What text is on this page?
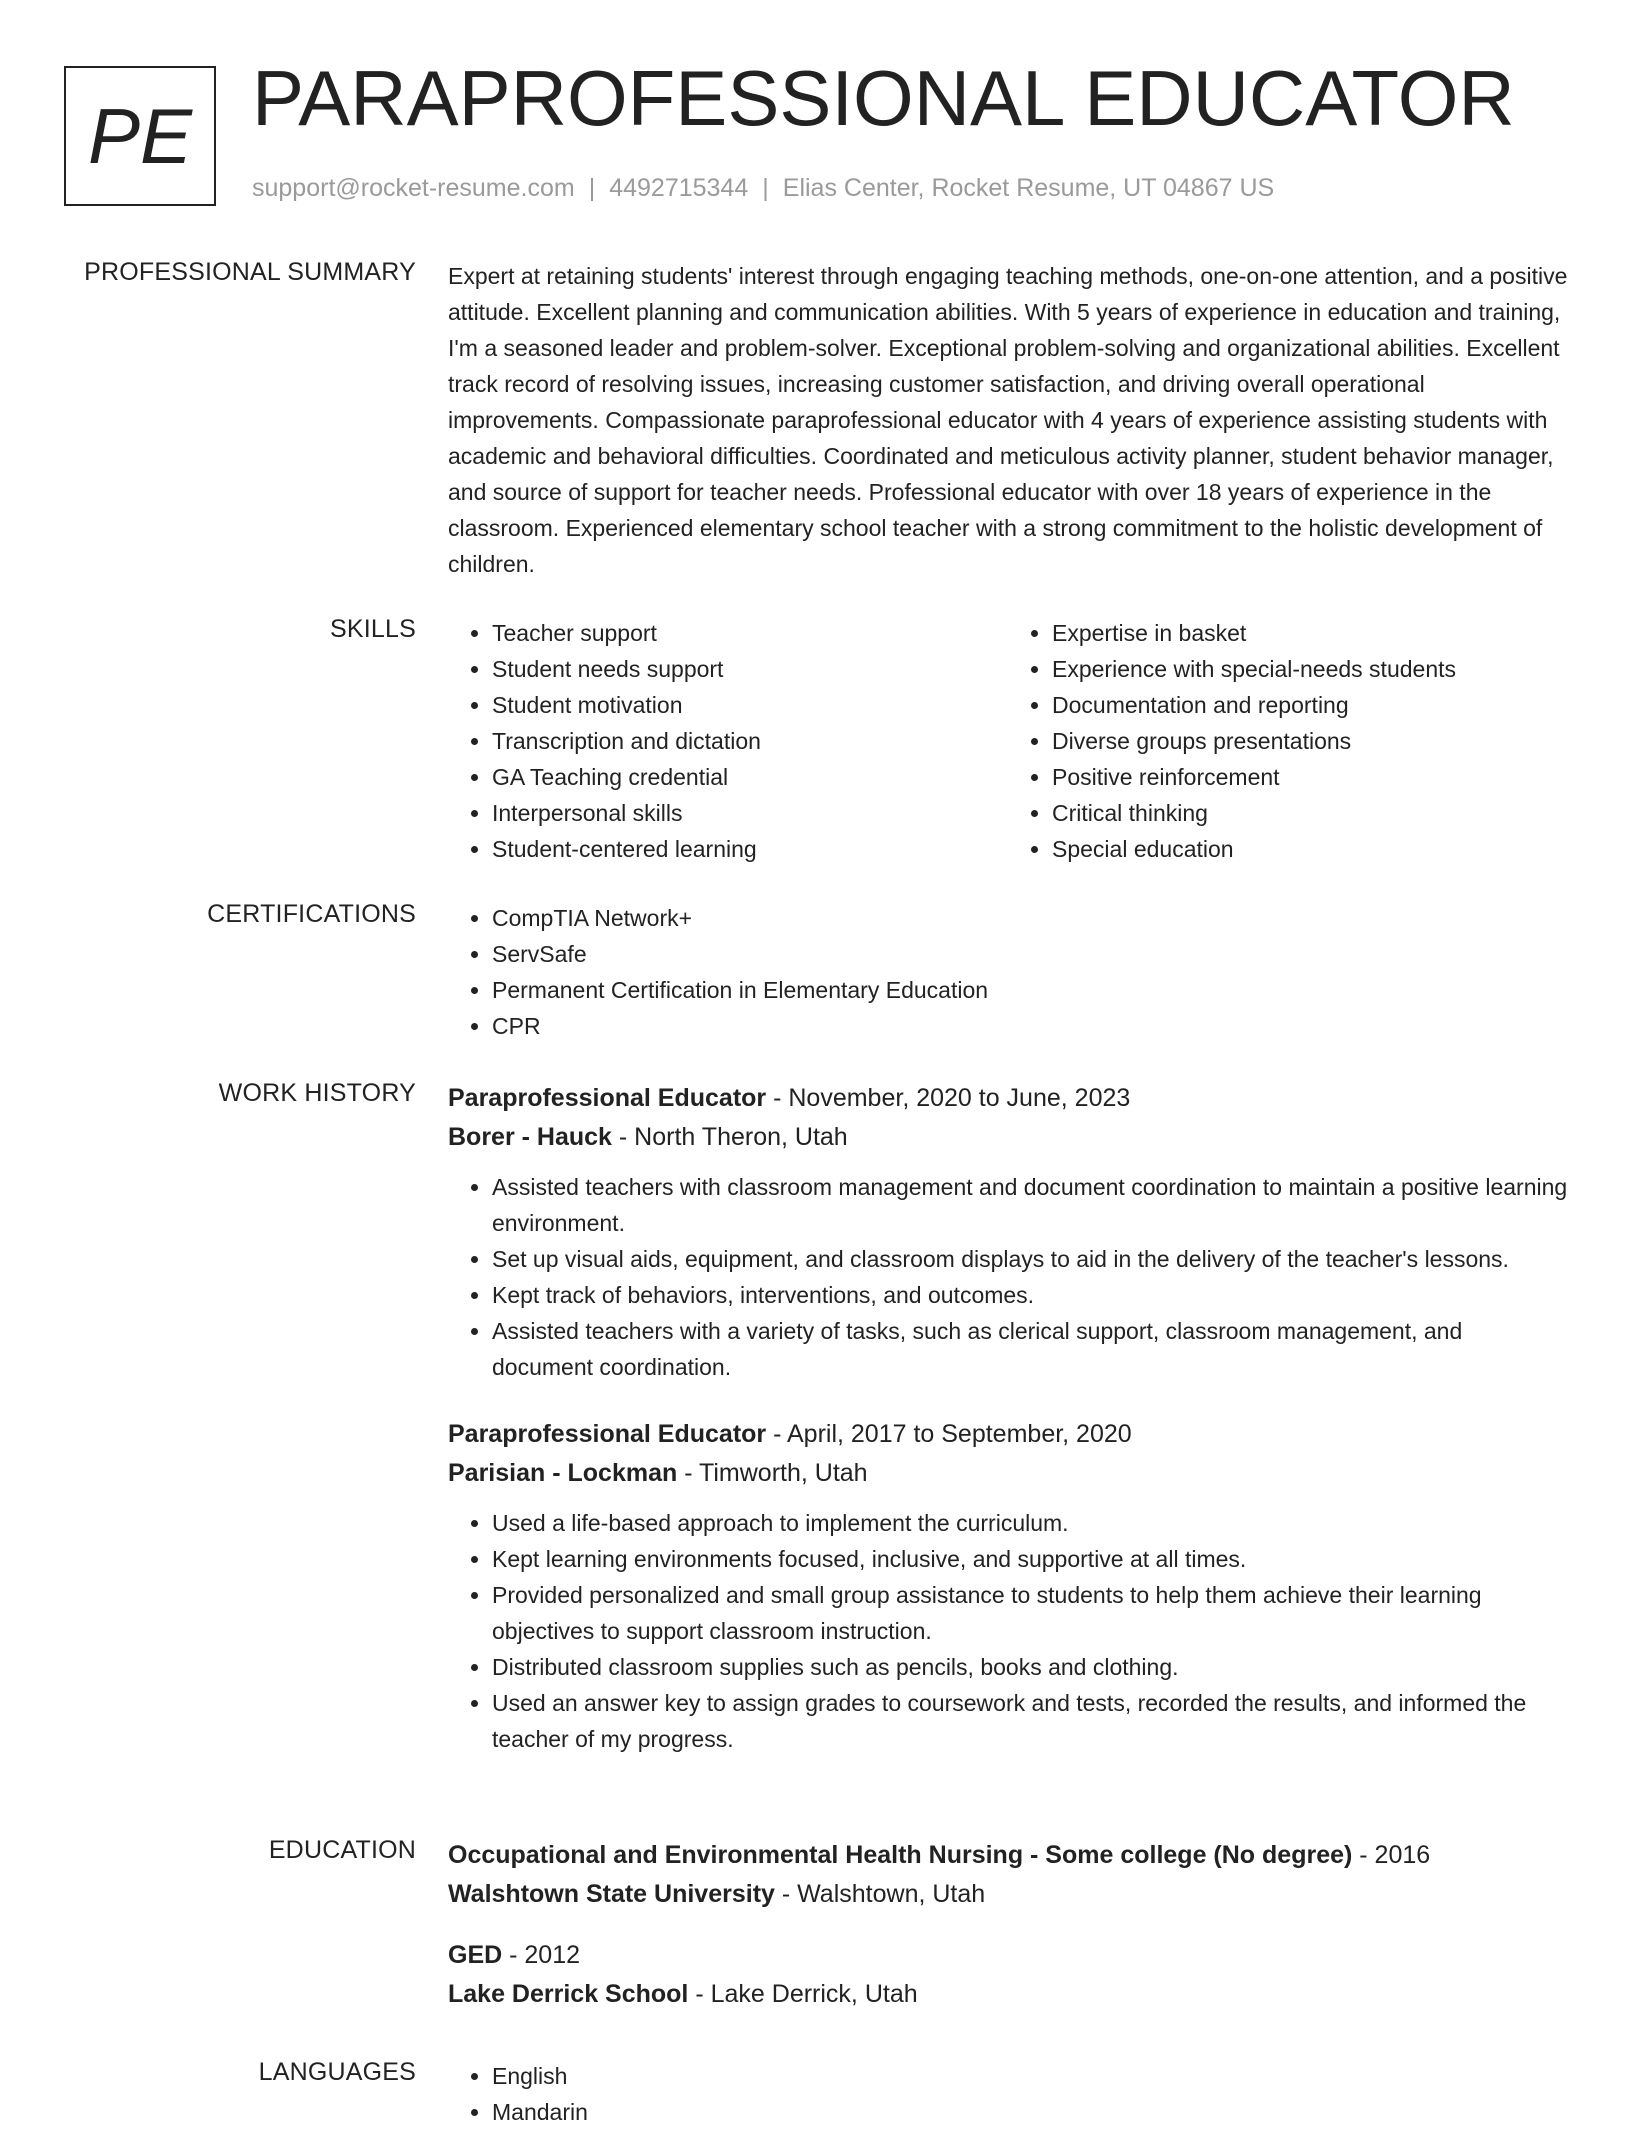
PE PARAPROFESSIONAL EDUCATOR
support@rocket-resume.com | 4492715344 | Elias Center, Rocket Resume, UT 04867 US
PROFESSIONAL SUMMARY Expert at retaining students' interest through engaging teaching methods, one-on-one attention, and a positive attitude. Excellent planning and communication abilities. With 5 years of experience in education and training, I'm a seasoned leader and problem-solver. Exceptional problem-solving and organizational abilities. Excellent track record of resolving issues, increasing customer satisfaction, and driving overall operational improvements. Compassionate paraprofessional educator with 4 years of experience assisting students with academic and behavioral difficulties. Coordinated and meticulous activity planner, student behavior manager, and source of support for teacher needs. Professional educator with over 18 years of experience in the classroom. Experienced elementary school teacher with a strong commitment to the holistic development of children.

SKILLS	• Teacher support
• Student needs support
• Student motivation
• Transcription and dictation
• GA Teaching credential
• Interpersonal skills
• Student-centered learning
• Expertise in basket
• Experience with special-needs students
• Documentation and reporting
• Diverse groups presentations
• Positive reinforcement
• Critical thinking
• Special education
CERTIFICATIONS	• CompTIA Network+
• ServSafe
• Permanent Certification in Elementary Education
• CPR
WORK HISTORY Paraprofessional Educator - November, 2020 to June, 2023
Borer - Hauck - North Theron, Utah
• Assisted teachers with classroom management and document coordination to maintain a positive learning environment.
• Set up visual aids, equipment, and classroom displays to aid in the delivery of the teacher's lessons.
• Kept track of behaviors, interventions, and outcomes.
• Assisted teachers with a variety of tasks, such as clerical support, classroom management, and document coordination.
Paraprofessional Educator - April, 2017 to September, 2020
Parisian - Lockman - Timworth, Utah
• Used a life-based approach to implement the curriculum.
• Kept learning environments focused, inclusive, and supportive at all times.
• Provided personalized and small group assistance to students to help them achieve their learning objectives to support classroom instruction.
• Distributed classroom supplies such as pencils, books and clothing.
• Used an answer key to assign grades to coursework and tests, recorded the results, and informed the teacher of my progress.
EDUCATION Occupational and Environmental Health Nursing - Some college (No degree) - 2016
Walshtown State University - Walshtown, Utah
GED - 2012
Lake Derrick School - Lake Derrick, Utah
LANGUAGES	• English
• Mandarin
